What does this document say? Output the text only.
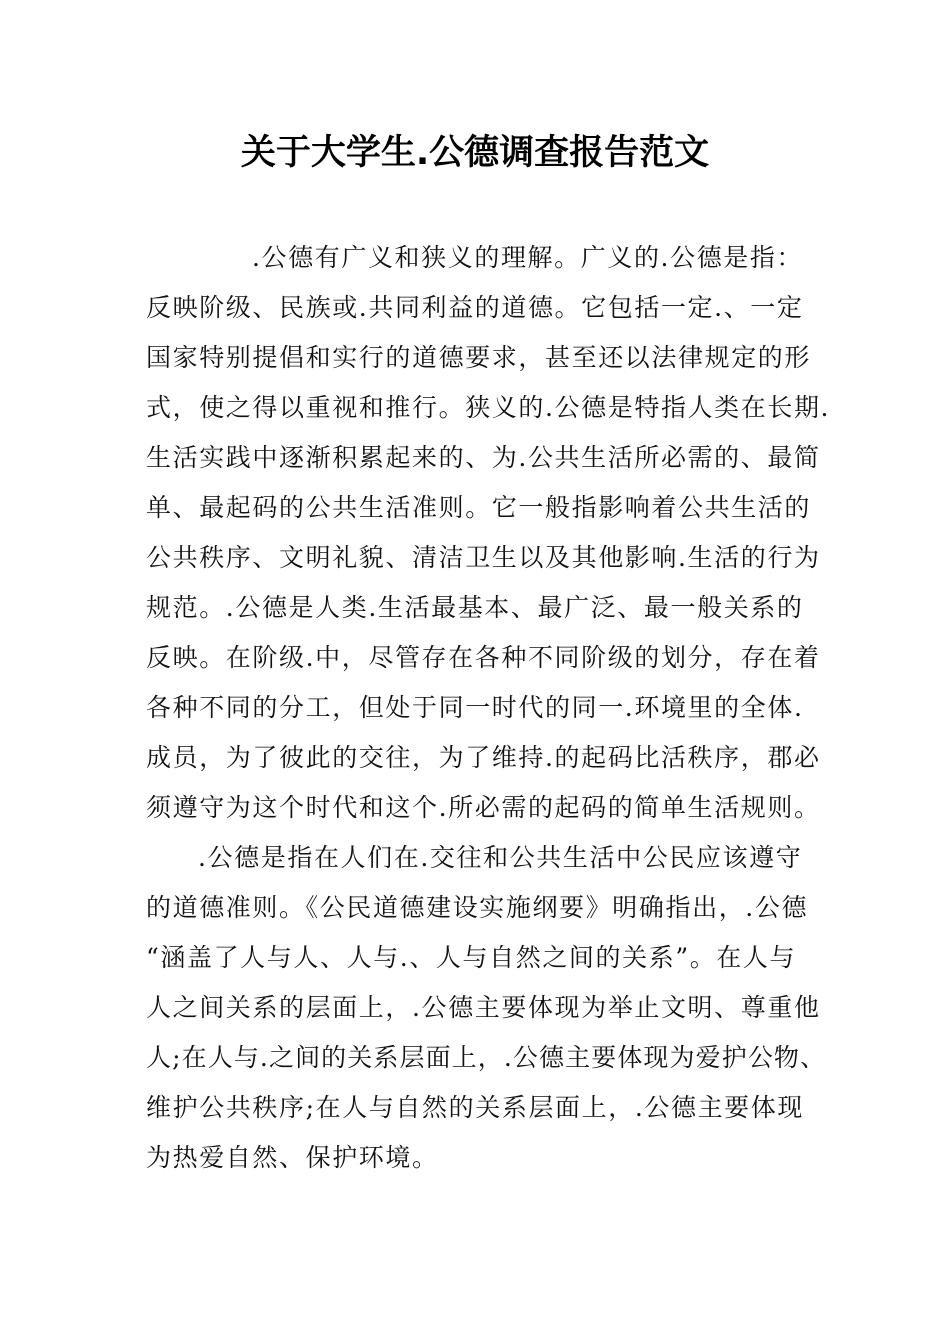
关于大学生.公德调查报告范文

.公德有广义和狭义的理解。广义的.公德是指：

反映阶级、民族或.共同利益的道德。它包括一定.、一定

国家特别提倡和实行的道德要求，甚至还以法律规定的形

式，使之得以重视和推行。狭义的.公德是特指人类在长期.

生活实践中逐渐积累起来的、为.公共生活所必需的、最简

单、最起码的公共生活准则。它一般指影响着公共生活的

公共秩序、文明礼貌、清洁卫生以及其他影响.生活的行为

规范。.公德是人类.生活最基本、最广泛、最一般关系的

反映。在阶级.中，尽管存在各种不同阶级的划分，存在着

各种不同的分工，但处于同一时代的同一.环境里的全体.

成员，为了彼此的交往，为了维持.的起码比活秩序，郡必

须遵守为这个时代和这个.所必需的起码的简单生活规则。

.公德是指在人们在.交往和公共生活中公民应该遵守

的道德准则。《公民道德建设实施纲要》明确指出，.公德

“涵盖了人与人、人与.、人与自然之间的关系”。在人与

人之间关系的层面上，.公德主要体现为举止文明、尊重他

人;在人与.之间的关系层面上，.公德主要体现为爱护公物、

维护公共秩序;在人与自然的关系层面上，.公德主要体现

为热爱自然、保护环境。
